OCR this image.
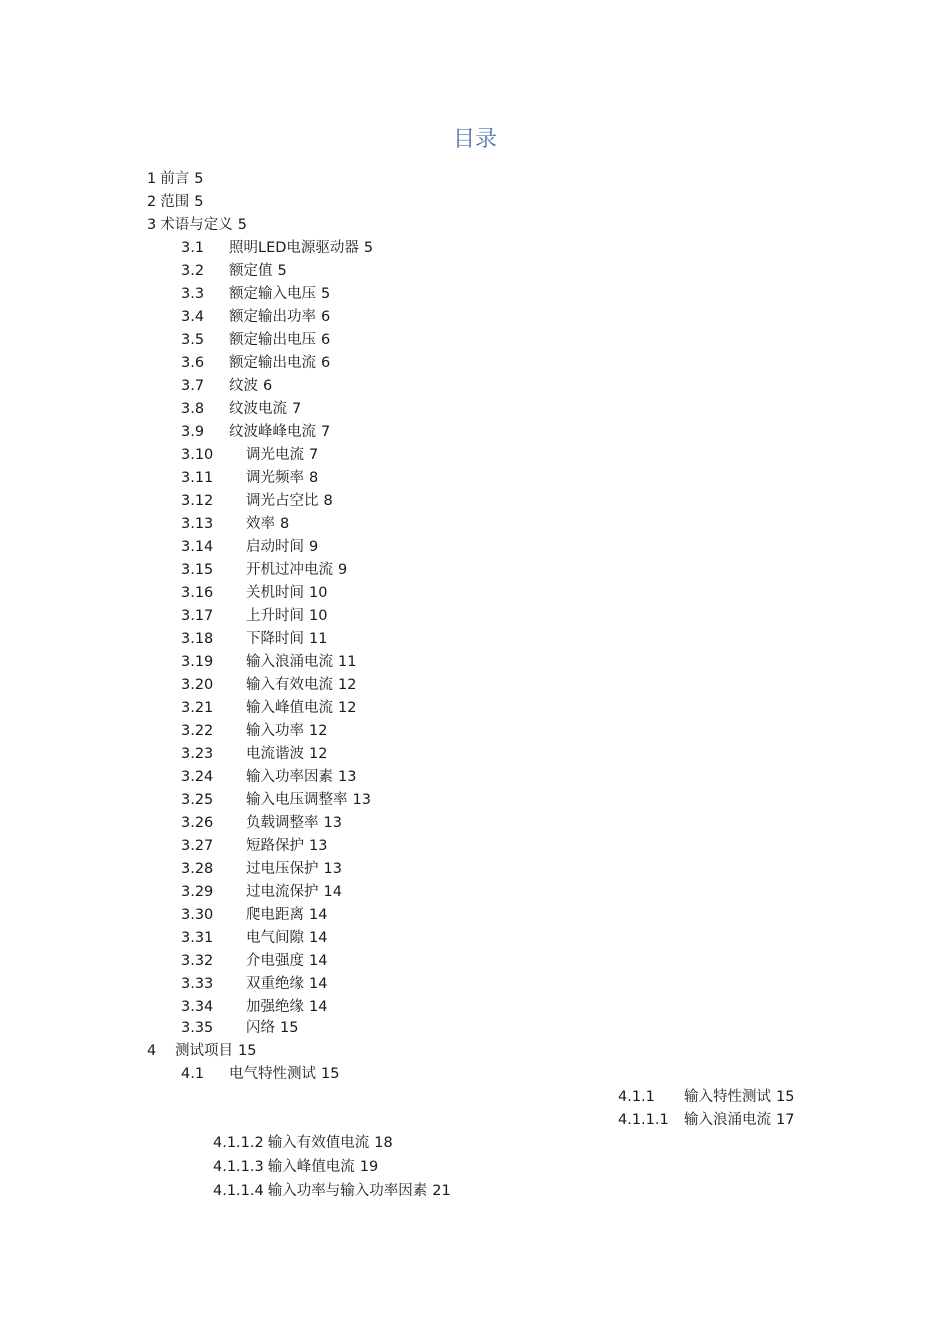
目录
1 前言 5
2 范围 5
3 术语与定义 5
3.1 照明LED电源驱动器 5
3.2 额定值 5
3.3 额定输入电压 5
3.4 额定输出功率 6
3.5 额定输出电压 6
3.6 额定输出电流 6
3.7 纹波 6
3.8 纹波电流 7
3.9 纹波峰峰电流 7
3.10 调光电流 7
3.11 调光频率 8
3.12 调光占空比 8
3.13 效率 8
3.14 启动时间 9
3.15 开机过冲电流 9
3.16 关机时间 10
3.17 上升时间 10
3.18 下降时间 11
3.19 输入浪涌电流 11
3.20 输入有效电流 12
3.21 输入峰值电流 12
3.22 输入功率 12
3.23 电流谐波 12
3.24 输入功率因素 13
3.25 输入电压调整率 13
3.26 负载调整率 13
3.27 短路保护 13
3.28 过电压保护 13
3.29 过电流保护 14
3.30 爬电距离 14
3.31 电气间隙 14
3.32 介电强度 14
3.33 双重绝缘 14
3.34 加强绝缘 14
3.35 闪络 15
4 测试项目 15
4.1 电气特性测试 15
4.1.1 输入特性测试 15
4.1.1.1 输入浪涌电流 17
4.1.1.2 输入有效值电流 18
4.1.1.3 输入峰值电流 19
4.1.1.4 输入功率与输入功率因素 21
